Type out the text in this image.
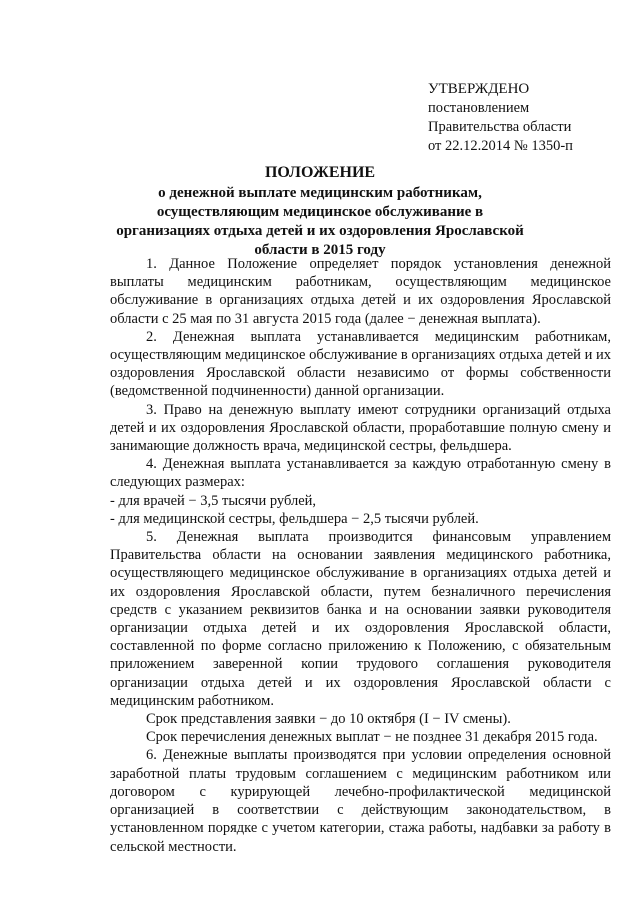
УТВЕРЖДЕНО
постановлением
Правительства области
от 22.12.2014 № 1350-п
ПОЛОЖЕНИЕ
о денежной выплате медицинским работникам, осуществляющим медицинское обслуживание в организациях отдыха детей и их оздоровления Ярославской области в 2015 году

1. Данное Положение определяет порядок установления денежной выплаты медицинским работникам, осуществляющим медицинское обслуживание в организациях отдыха детей и их оздоровления Ярославской области с 25 мая по 31 августа 2015 года (далее − денежная выплата).

2. Денежная выплата устанавливается медицинским работникам, осуществляющим медицинское обслуживание в организациях отдыха детей и их оздоровления Ярославской области независимо от формы собственности (ведомственной подчиненности) данной организации.

3. Право на денежную выплату имеют сотрудники организаций отдыха детей и их оздоровления Ярославской области, проработавшие полную смену и занимающие должность врача, медицинской сестры, фельдшера.

4. Денежная выплата устанавливается за каждую отработанную смену в следующих размерах:

- для врачей − 3,5 тысячи рублей,

- для медицинской сестры, фельдшера − 2,5 тысячи рублей.

5. Денежная выплата производится финансовым управлением Правительства области на основании заявления медицинского работника, осуществляющего медицинское обслуживание в организациях отдыха детей и их оздоровления Ярославской области, путем безналичного перечисления средств с указанием реквизитов банка и на основании заявки руководителя организации отдыха детей и их оздоровления Ярославской области, составленной по форме согласно приложению к Положению, с обязательным приложением заверенной копии трудового соглашения руководителя организации отдыха детей и их оздоровления Ярославской области с медицинским работником.

Срок представления заявки − до 10 октября (I − IV смены).

Срок перечисления денежных выплат − не позднее 31 декабря 2015 года.

6. Денежные выплаты производятся при условии определения основной заработной платы трудовым соглашением с медицинским работником или договором с курирующей лечебно-профилактической медицинской организацией в соответствии с действующим законодательством, в установленном порядке с учетом категории, стажа работы, надбавки за работу в сельской местности.
